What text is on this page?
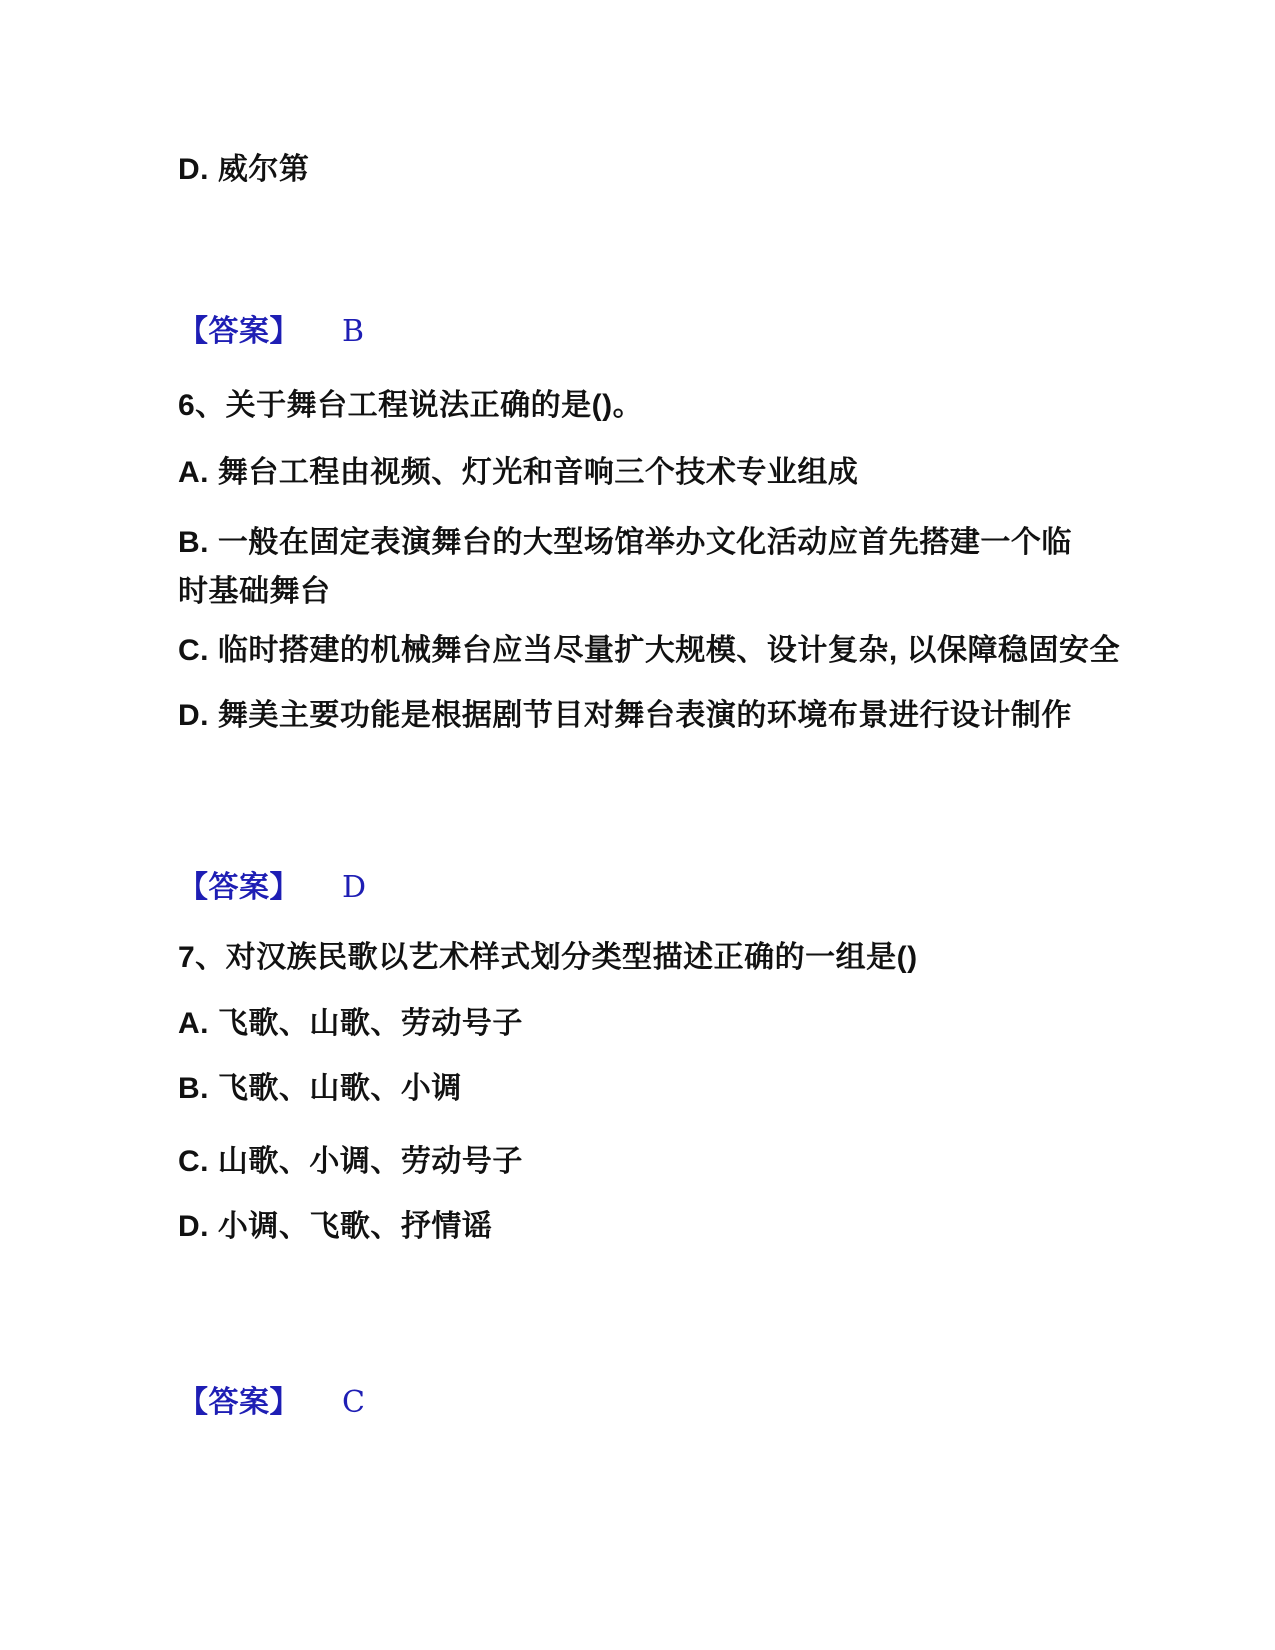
D. 威尔第
【答案】 B
6、关于舞台工程说法正确的是()。
A. 舞台工程由视频、灯光和音响三个技术专业组成
B. 一般在固定表演舞台的大型场馆举办文化活动应首先搭建一个临时基础舞台
C. 临时搭建的机械舞台应当尽量扩大规模、设计复杂, 以保障稳固安全
D. 舞美主要功能是根据剧节目对舞台表演的环境布景进行设计制作
【答案】 D
7、对汉族民歌以艺术样式划分类型描述正确的一组是()
A. 飞歌、山歌、劳动号子
B. 飞歌、山歌、小调
C. 山歌、小调、劳动号子
D. 小调、飞歌、抒情谣
【答案】 C
